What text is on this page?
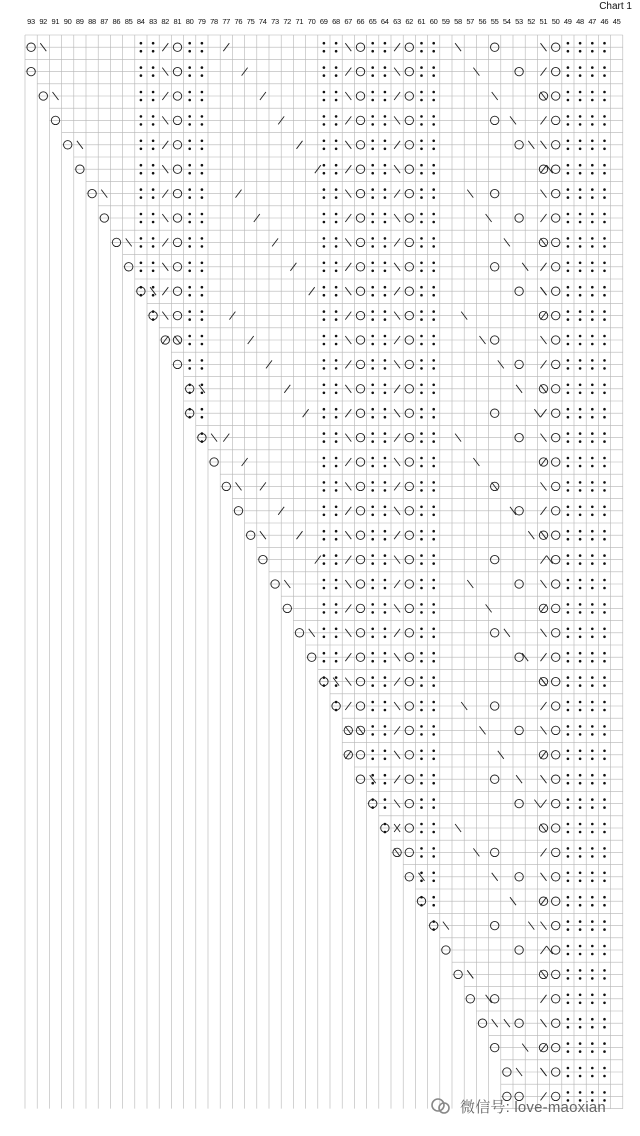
Chart 1
93 92 91 90 89 88 87 86 85 84 83 82 81 80 79 78 77 76 75 74 73 72 71 70 69 68 67 66 65 64 63 62 61 60 59 58 57 56 55 54 53 52 51 50 49 48 47 46 45
微信号: love-maoxian
